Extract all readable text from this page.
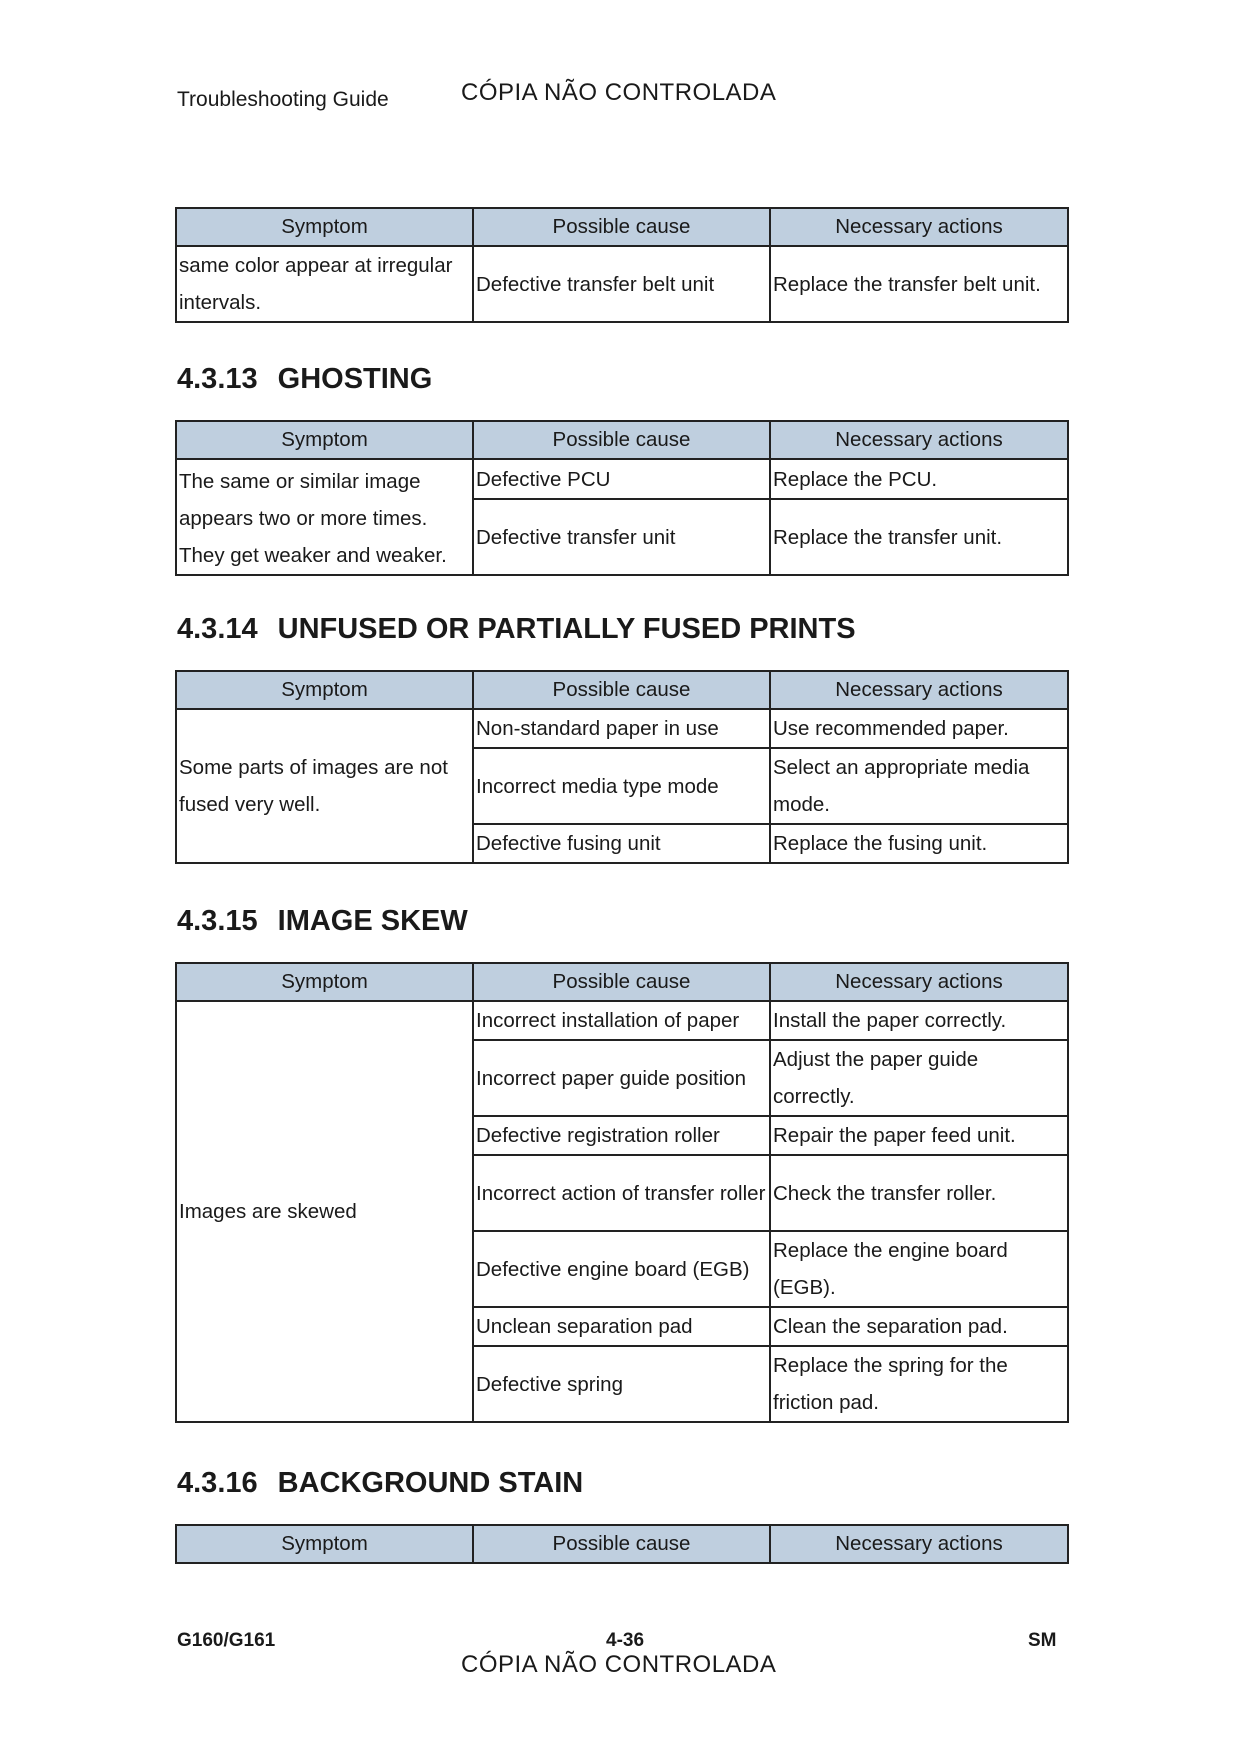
Troubleshooting Guide	CÓPIA NÃO CONTROLADA
Symptom	Possible cause	Necessary actions
same color appear at irregular intervals.	Defective transfer belt unit	Replace the transfer belt unit.
4.3.13 GHOSTING
Symptom	Possible cause	Necessary actions
The same or similar image appears two or more times. They get weaker and weaker.	Defective PCU	Replace the PCU.
	Defective transfer unit	Replace the transfer unit.
4.3.14 UNFUSED OR PARTIALLY FUSED PRINTS
Symptom	Possible cause	Necessary actions
Some parts of images are not fused very well.	Non-standard paper in use	Use recommended paper.
	Incorrect media type mode	Select an appropriate media mode.
	Defective fusing unit	Replace the fusing unit.
4.3.15 IMAGE SKEW
Symptom	Possible cause	Necessary actions
Images are skewed	Incorrect installation of paper	Install the paper correctly.
	Incorrect paper guide position	Adjust the paper guide correctly.
	Defective registration roller	Repair the paper feed unit.
	Incorrect action of transfer roller	Check the transfer roller.
	Defective engine board (EGB)	Replace the engine board (EGB).
	Unclean separation pad	Clean the separation pad.
	Defective spring	Replace the spring for the friction pad.
4.3.16 BACKGROUND STAIN
Symptom	Possible cause	Necessary actions
G160/G161	4-36	SM
CÓPIA NÃO CONTROLADA
